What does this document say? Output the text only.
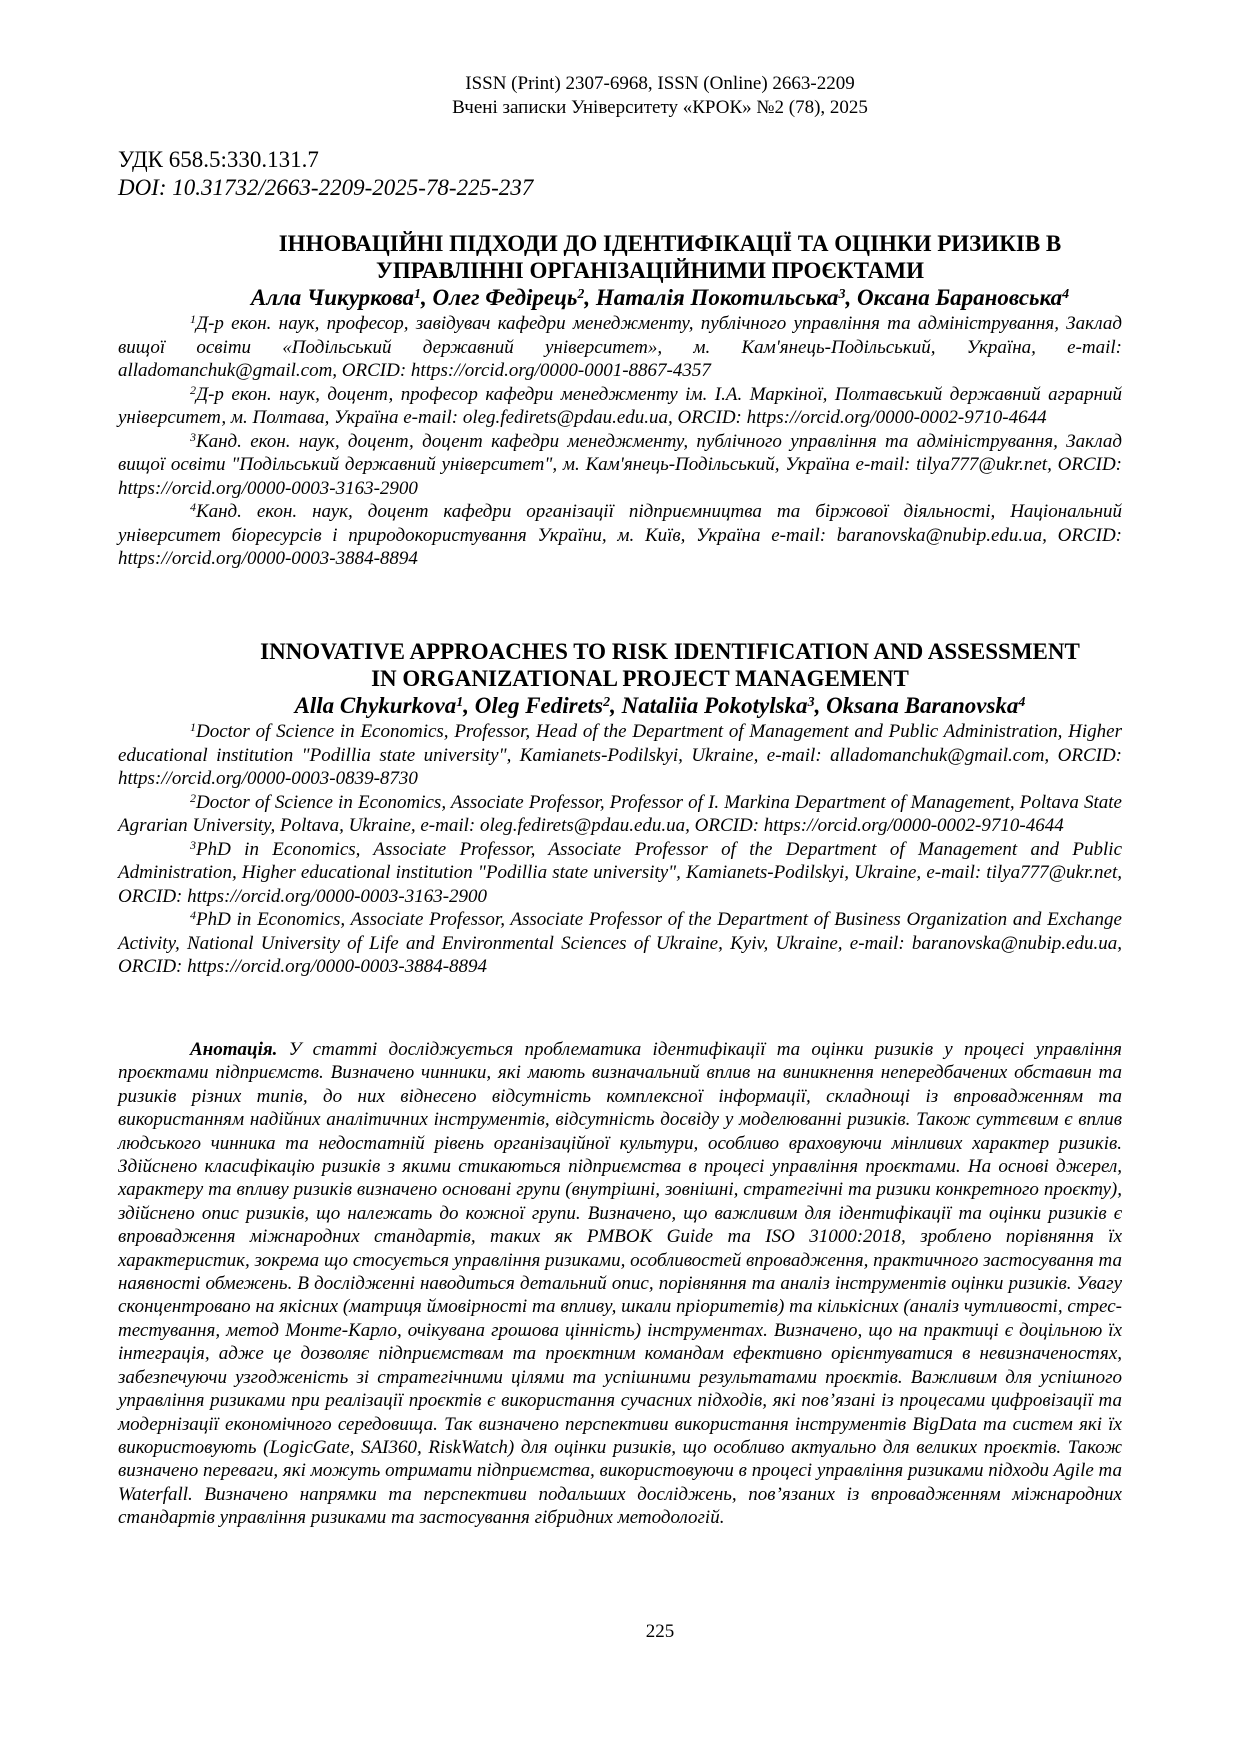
ISSN (Print) 2307-6968, ISSN (Online) 2663-2209
Вчені записки Університету «КРОК» №2 (78), 2025
УДК 658.5:330.131.7
DOI: 10.31732/2663-2209-2025-78-225-237
ІННОВАЦІЙНІ ПІДХОДИ ДО ІДЕНТИФІКАЦІЇ ТА ОЦІНКИ РИЗИКІВ В
УПРАВЛІННІ ОРГАНІЗАЦІЙНИМИ ПРОЄКТАМИ

Алла Чикуркова$^1$, Олег Федірець$^2$, Наталія Покотильська$^3$, Оксана Барановська$^4$

$^1$Д-р екон. наук, професор, завідувач кафедри менеджменту, публічного управління та адміністрування, Заклад вищої освіти «Подільський державний університет», м. Кам'янець-Подільський, Україна, e-mail: alladomanchuk@gmail.com, ORCID: https://orcid.org/0000-0001-8867-4357

$^2$Д-р екон. наук, доцент, професор кафедри менеджменту ім. І.А. Маркіної, Полтавський державний аграрний університет, м. Полтава, Україна e-mail: oleg.fedirets@pdau.edu.ua, ORCID: https://orcid.org/0000-0002-9710-4644

$^3$Канд. екон. наук, доцент, доцент кафедри менеджменту, публічного управління та адміністрування, Заклад вищої освіти "Подільський державний університет", м. Кам'янець-Подільський, Україна e-mail: tilya777@ukr.net, ORCID: https://orcid.org/0000-0003-3163-2900

$^4$Канд. екон. наук, доцент кафедри організації підприємництва та біржової діяльності, Національний університет біоресурсів і природокористування України, м. Київ, Україна e-mail: baranovska@nubip.edu.ua, ORCID: https://orcid.org/0000-0003-3884-8894

INNOVATIVE APPROACHES TO RISK IDENTIFICATION AND ASSESSMENT
IN ORGANIZATIONAL PROJECT MANAGEMENT

Alla Chykurkova$^1$, Oleg Fedirets$^2$, Nataliia Pokotylska$^3$, Oksana Baranovska$^4$

$^1$Doctor of Science in Economics, Professor, Head of the Department of Management and Public Administration, Higher educational institution "Podillia state university", Kamianets-Podilskyi, Ukraine, e-mail: alladomanchuk@gmail.com, ORCID: https://orcid.org/0000-0003-0839-8730

$^2$Doctor of Science in Economics, Associate Professor, Professor of I. Markina Department of Management, Poltava State Agrarian University, Poltava, Ukraine, e-mail: oleg.fedirets@pdau.edu.ua, ORCID: https://orcid.org/0000-0002-9710-4644

$^3$PhD in Economics, Associate Professor, Associate Professor of the Department of Management and Public Administration, Higher educational institution "Podillia state university", Kamianets-Podilskyi, Ukraine, e-mail: tilya777@ukr.net, ORCID: https://orcid.org/0000-0003-3163-2900

$^4$PhD in Economics, Associate Professor, Associate Professor of the Department of Business Organization and Exchange Activity, National University of Life and Environmental Sciences of Ukraine, Kyiv, Ukraine, e-mail: baranovska@nubip.edu.ua, ORCID: https://orcid.org/0000-0003-3884-8894

Анотація. У статті досліджується проблематика ідентифікації та оцінки ризиків у процесі управління проєктами підприємств. Визначено чинники, які мають визначальний вплив на виникнення непередбачених обставин та ризиків різних типів, до них віднесено відсутність комплексної інформації, складнощі із впровадженням та використанням надійних аналітичних інструментів, відсутність досвіду у моделюванні ризиків. Також суттєвим є вплив людського чинника та недостатній рівень організаційної культури, особливо враховуючи мінливих характер ризиків. Здійснено класифікацію ризиків з якими стикаються підприємства в процесі управління проєктами. На основі джерел, характеру та впливу ризиків визначено основані групи (внутрішні, зовнішні, стратегічні та ризики конкретного проєкту), здійснено опис ризиків, що належать до кожної групи. Визначено, що важливим для ідентифікації та оцінки ризиків є впровадження міжнародних стандартів, таких як PMBOK Guide та ISO 31000:2018, зроблено порівняння їх характеристик, зокрема що стосується управління ризиками, особливостей впровадження, практичного застосування та наявності обмежень. В дослідженні наводиться детальний опис, порівняння та аналіз інструментів оцінки ризиків. Увагу сконцентровано на якісних (матриця ймовірності та впливу, шкали пріоритетів) та кількісних (аналіз чутливості, стрес-тестування, метод Монте-Карло, очікувана грошова цінність) інструментах. Визначено, що на практиці є доцільною їх інтеграція, адже це дозволяє підприємствам та проєктним командам ефективно орієнтуватися в невизначеностях, забезпечуючи узгодженість зі стратегічними цілями та успішними результатами проєктів. Важливим для успішного управління ризиками при реалізації проєктів є використання сучасних підходів, які пов’язані із процесами цифровізації та модернізації економічного середовища. Так визначено перспективи використання інструментів BigData та систем які їх використовують (LogicGate, SAI360, RiskWatch) для оцінки ризиків, що особливо актуально для великих проєктів. Також визначено переваги, які можуть отримати підприємства, використовуючи в процесі управління ризиками підходи Agile та Waterfall. Визначено напрямки та перспективи подальших досліджень, пов’язаних із впровадженням міжнародних стандартів управління ризиками та застосування гібридних методологій.

225
